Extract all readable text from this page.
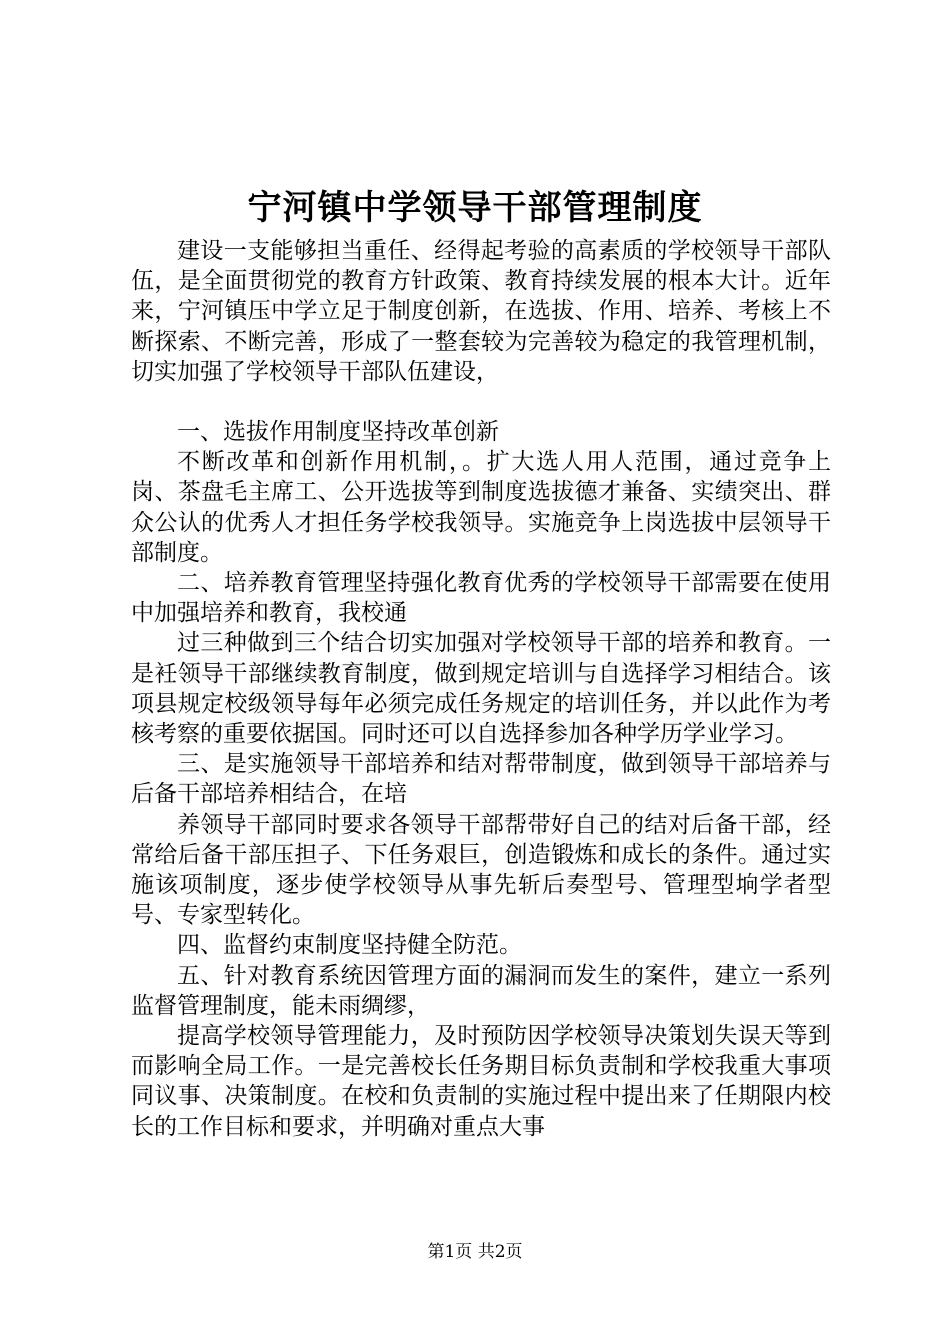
宁河镇中学领导干部管理制度

建设一支能够担当重任、经得起考验的高素质的学校领导干部队伍，是全面贯彻党的教育方针政策、教育持续发展的根本大计。近年来，宁河镇压中学立足于制度创新，在选拔、作用、培养、考核上不断探索、不断完善，形成了一整套较为完善较为稳定的我管理机制，切实加强了学校领导干部队伍建设，

一、选拔作用制度坚持改革创新

不断改革和创新作用机制，。扩大选人用人范围，通过竞争上岗、茶盘毛主席工、公开选拔等到制度选拔德才兼备、实绩突出、群众公认的优秀人才担任务学校我领导。实施竞争上岗选拔中层领导干部制度。

二、培养教育管理坚持强化教育优秀的学校领导干部需要在使用中加强培养和教育，我校通

过三种做到三个结合切实加强对学校领导干部的培养和教育。一是衽领导干部继续教育制度，做到规定培训与自选择学习相结合。该项县规定校级领导每年必须完成任务规定的培训任务，并以此作为考核考察的重要依据国。同时还可以自选择参加各种学历学业学习。

三、是实施领导干部培养和结对帮带制度，做到领导干部培养与后备干部培养相结合，在培

养领导干部同时要求各领导干部帮带好自己的结对后备干部，经常给后备干部压担子、下任务艰巨，创造锻炼和成长的条件。通过实施该项制度，逐步使学校领导从事先斩后奏型号、管理型垧学者型号、专家型转化。

四、监督约束制度坚持健全防范。

五、针对教育系统因管理方面的漏洞而发生的案件，建立一系列监督管理制度，能未雨绸缪，

提高学校领导管理能力，及时预防因学校领导决策划失误天等到而影响全局工作。一是完善校长任务期目标负责制和学校我重大事项同议事、决策制度。在校和负责制的实施过程中提出来了任期限内校长的工作目标和要求，并明确对重点大事

第1页 共2页
